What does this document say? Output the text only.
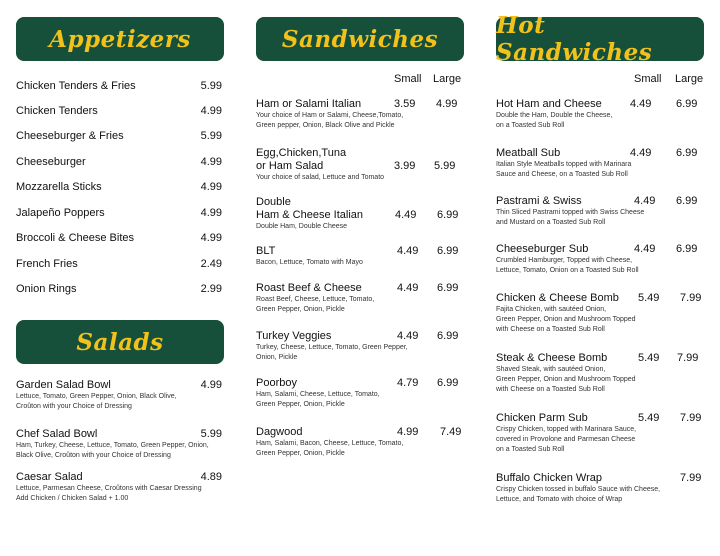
Appetizers
Chicken Tenders & Fries	5.99
Chicken Tenders	4.99
Cheeseburger & Fries	5.99
Cheeseburger	4.99
Mozzarella Sticks	4.99
Jalapeño Poppers	4.99
Broccoli & Cheese Bites	4.99
French Fries	2.49
Onion Rings	2.99
Salads
Garden Salad Bowl	4.99
Lettuce, Tomato, Green Pepper, Onion, Black Olive,
Croûton with your Choice of Dressing
Chef Salad Bowl	5.99
Ham, Turkey, Cheese, Lettuce, Tomato, Green Pepper, Onion,
Black Olive, Croûton with your Choice of Dressing
Caesar Salad	4.89
Lettuce, Parmesan Cheese, Croûtons with Caesar Dressing
Add Chicken / Chicken Salad + 1.00
Sandwiches
Small Large
Ham or Salami Italian	3.59 4.99
Your choice of Ham or Salami, Cheese,Tomato,
Green pepper, Onion, Black Olive and Pickle
Egg,Chicken,Tuna
or Ham Salad	3.99 5.99
Your choice of salad, Lettuce and Tomato
Double
Ham & Cheese Italian	4.49 6.99
Double Ham, Double Cheese
BLT	4.49 6.99
Bacon, Lettuce, Tomato with Mayo
Roast Beef & Cheese	4.49 6.99
Roast Beef, Cheese, Lettuce, Tomato,
Green Pepper, Onion, Pickle
Turkey Veggies	4.49 6.99
Turkey, Cheese, Lettuce, Tomato, Green Pepper,
Onion, Pickle
Poorboy	4.79 6.99
Ham, Salami, Cheese, Lettuce, Tomato,
Green Pepper, Onion, Pickle
Dagwood	4.99 7.49
Ham, Salami, Bacon, Cheese, Lettuce, Tomato,
Green Pepper, Onion, Pickle
Hot Sandwiches
Small Large
Hot Ham and Cheese	4.49 6.99
Double the Ham, Double the Cheese,
on a Toasted Sub Roll
Meatball Sub	4.49 6.99
Italian Style Meatballs topped with Marinara
Sauce and Cheese, on a Toasted Sub Roll
Pastrami & Swiss	4.49 6.99
Thin Sliced Pastrami topped with Swiss Cheese
and Mustard on a Toasted Sub Roll
Cheeseburger Sub	4.49 6.99
Crumbled Hamburger, Topped with Cheese,
Lettuce, Tomato, Onion on a Toasted Sub Roll
Chicken & Cheese Bomb	5.49 7.99
Fajita Chicken, with sautéed Onion,
Green Pepper, Onion and Mushroom Topped
with Cheese on a Toasted Sub Roll
Steak & Cheese Bomb	5.49 7.99
Shaved Steak, with sautéed Onion,
Green Pepper, Onion and Mushroom Topped
with Cheese on a Toasted Sub Roll
Chicken Parm Sub	5.49 7.99
Crispy Chicken, topped with Marinara Sauce,
covered in Provolone and Parmesan Cheese
on a Toasted Sub Roll
Buffalo Chicken Wrap	7.99
Crispy Chicken tossed in buffalo Sauce with Cheese,
Lettuce, and Tomato with choice of Wrap
